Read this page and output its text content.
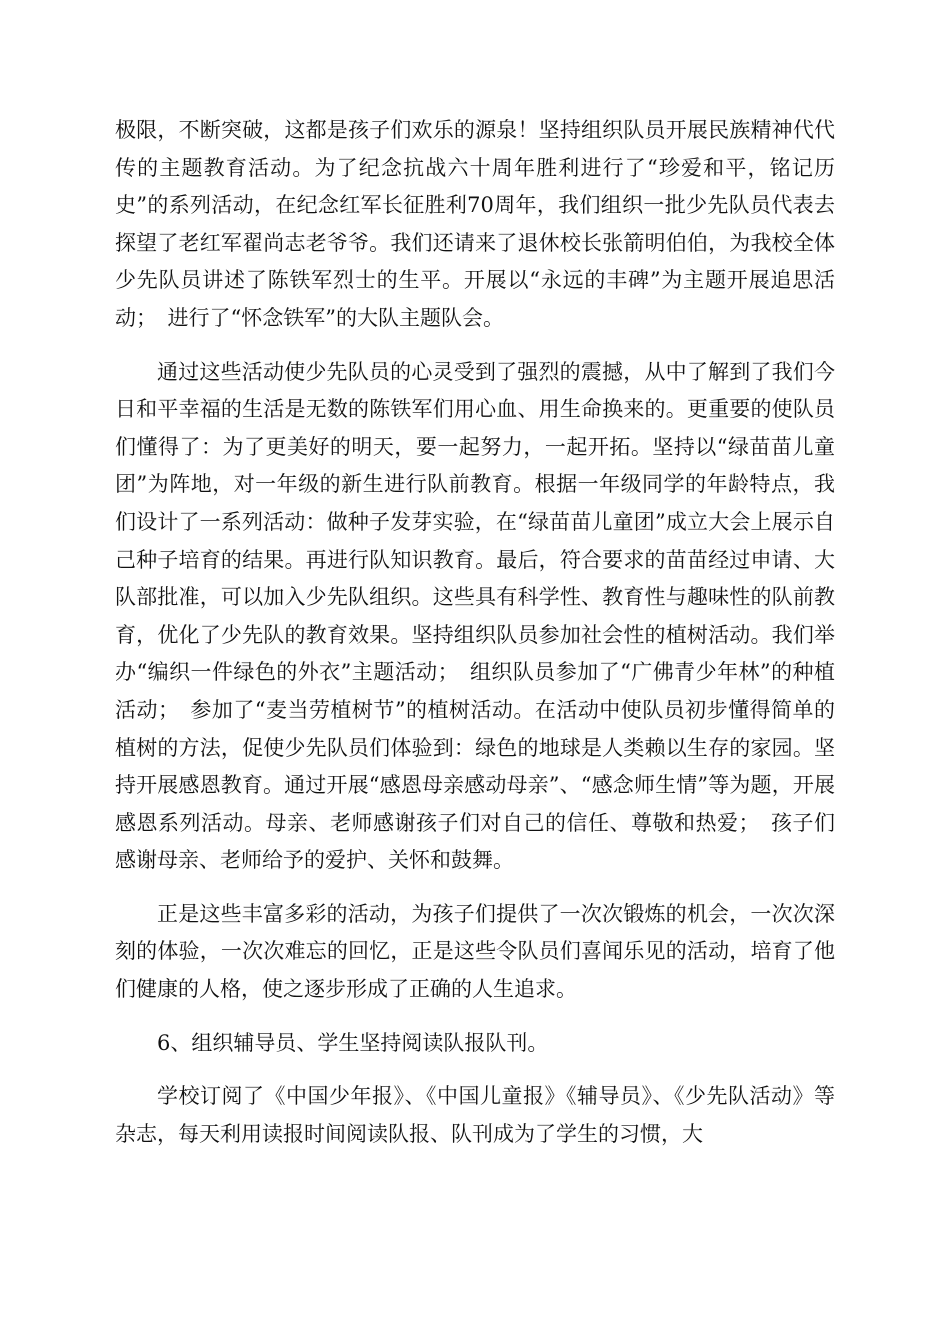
极限，不断突破，这都是孩子们欢乐的源泉！坚持组织队员开展民族精神代代传的主题教育活动。为了纪念抗战六十周年胜利进行了“珍爱和平，铭记历史”的系列活动，在纪念红军长征胜利70周年，我们组织一批少先队员代表去探望了老红军翟尚志老爷爷。我们还请来了退休校长张箭明伯伯，为我校全体少先队员讲述了陈铁军烈士的生平。开展以“永远的丰碑”为主题开展追思活动；　进行了“怀念铁军”的大队主题队会。

通过这些活动使少先队员的心灵受到了强烈的震撼，从中了解到了我们今日和平幸福的生活是无数的陈铁军们用心血、用生命换来的。更重要的使队员们懂得了：为了更美好的明天，要一起努力，一起开拓。坚持以“绿苗苗儿童团”为阵地，对一年级的新生进行队前教育。根据一年级同学的年龄特点，我们设计了一系列活动：做种子发芽实验，在“绿苗苗儿童团”成立大会上展示自己种子培育的结果。再进行队知识教育。最后，符合要求的苗苗经过申请、大队部批准，可以加入少先队组织。这些具有科学性、教育性与趣味性的队前教育，优化了少先队的教育效果。坚持组织队员参加社会性的植树活动。我们举办“编织一件绿色的外衣”主题活动；　组织队员参加了“广佛青少年林”的种植活动；　参加了“麦当劳植树节”的植树活动。在活动中使队员初步懂得简单的植树的方法，促使少先队员们体验到：绿色的地球是人类赖以生存的家园。坚持开展感恩教育。通过开展“感恩母亲感动母亲”、“感念师生情”等为题，开展感恩系列活动。母亲、老师感谢孩子们对自己的信任、尊敬和热爱；　孩子们感谢母亲、老师给予的爱护、关怀和鼓舞。

正是这些丰富多彩的活动，为孩子们提供了一次次锻炼的机会，一次次深刻的体验，一次次难忘的回忆，正是这些令队员们喜闻乐见的活动，培育了他们健康的人格，使之逐步形成了正确的人生追求。

6、组织辅导员、学生坚持阅读队报队刊。

学校订阅了《中国少年报》、《中国儿童报》《辅导员》、《少先队活动》等杂志，每天利用读报时间阅读队报、队刊成为了学生的习惯，大
